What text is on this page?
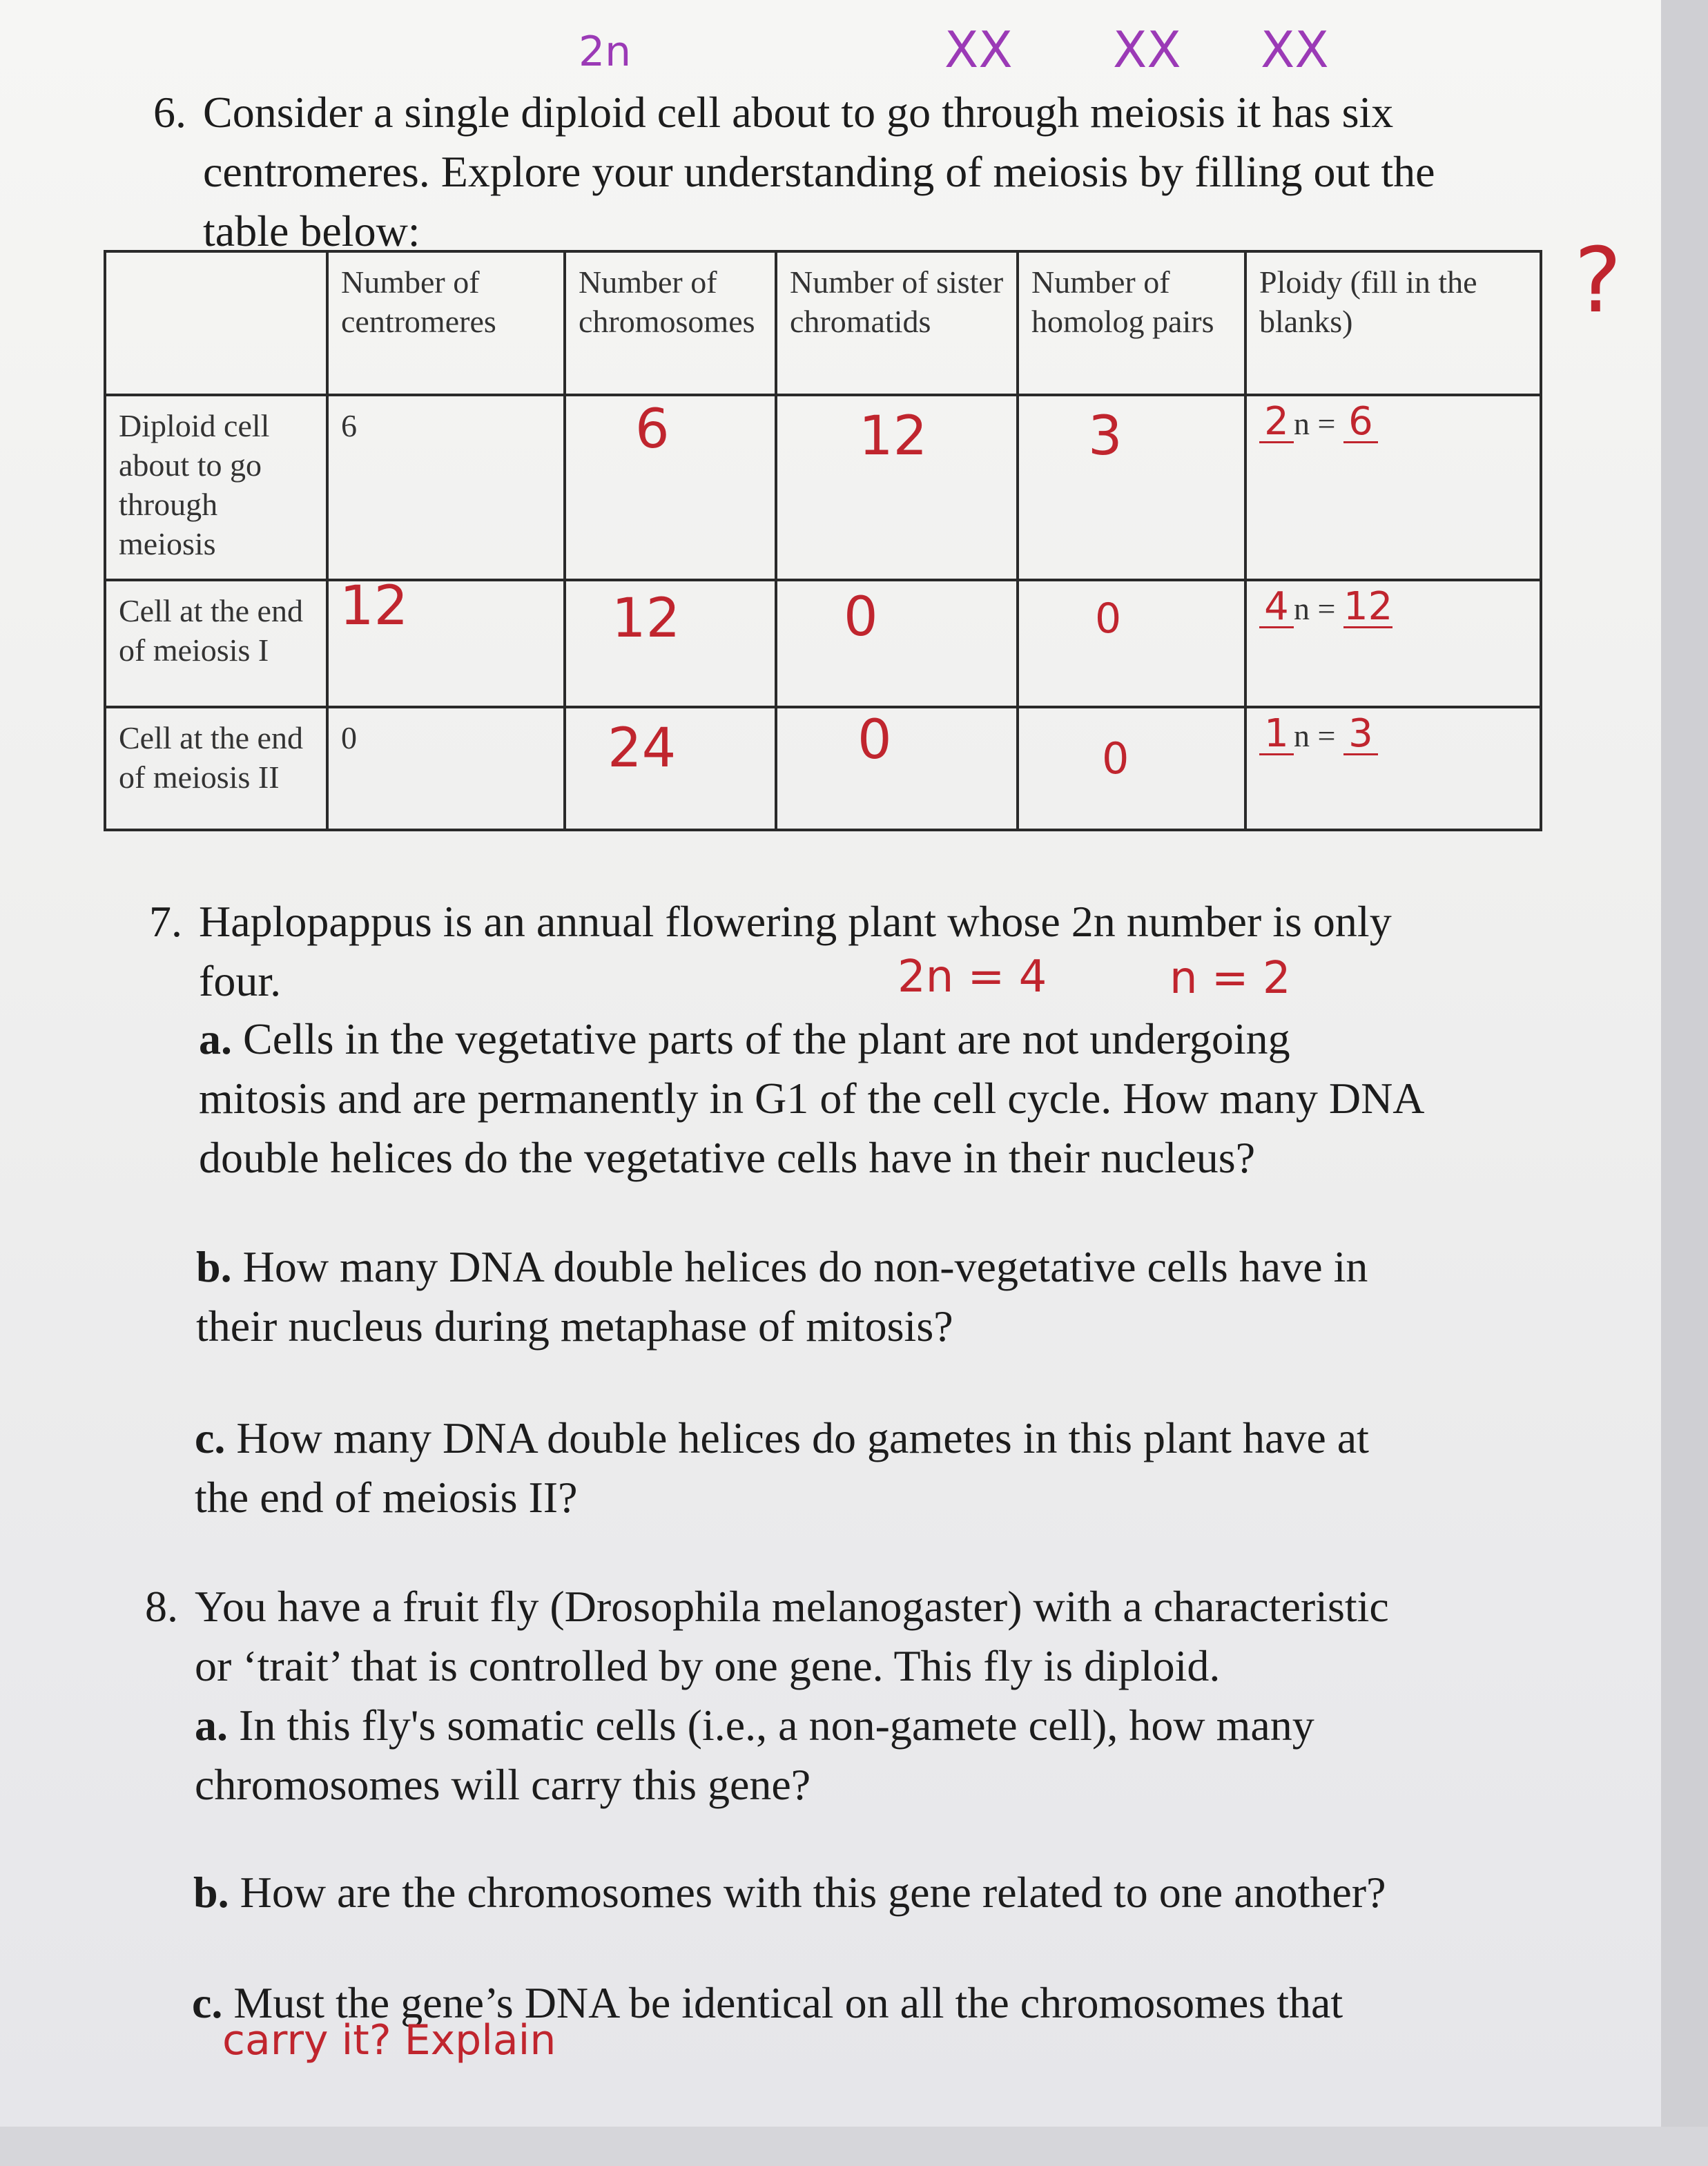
2n	XX XX XX
?
6. Consider a single diploid cell about to go through meiosis it has six
centromeres. Explore your understanding of meiosis by filling out the
table below:
	Number of centromeres	Number of chromosomes	Number of sister chromatids	Number of homolog pairs	Ploidy (fill in the blanks)
Diploid cell about to go through meiosis	6	6	12	3	2 n = 6
Cell at the end of meiosis I	12	12	0	0	4 n = 12
Cell at the end of meiosis II	0	24	0	0	1 n = 3
7. Haplopappus is an annual flowering plant whose 2n number is only
four.	2n = 4	n = 2
a. Cells in the vegetative parts of the plant are not undergoing
mitosis and are permanently in G1 of the cell cycle. How many DNA
double helices do the vegetative cells have in their nucleus?
b. How many DNA double helices do non-vegetative cells have in
their nucleus during metaphase of mitosis?
c. How many DNA double helices do gametes in this plant have at
the end of meiosis II?
8. You have a fruit fly (Drosophila melanogaster) with a characteristic
or ‘trait’ that is controlled by one gene. This fly is diploid.
a. In this fly's somatic cells (i.e., a non-gamete cell), how many
chromosomes will carry this gene?
b. How are the chromosomes with this gene related to one another?
c. Must the gene’s DNA be identical on all the chromosomes that
carry it? Explain
